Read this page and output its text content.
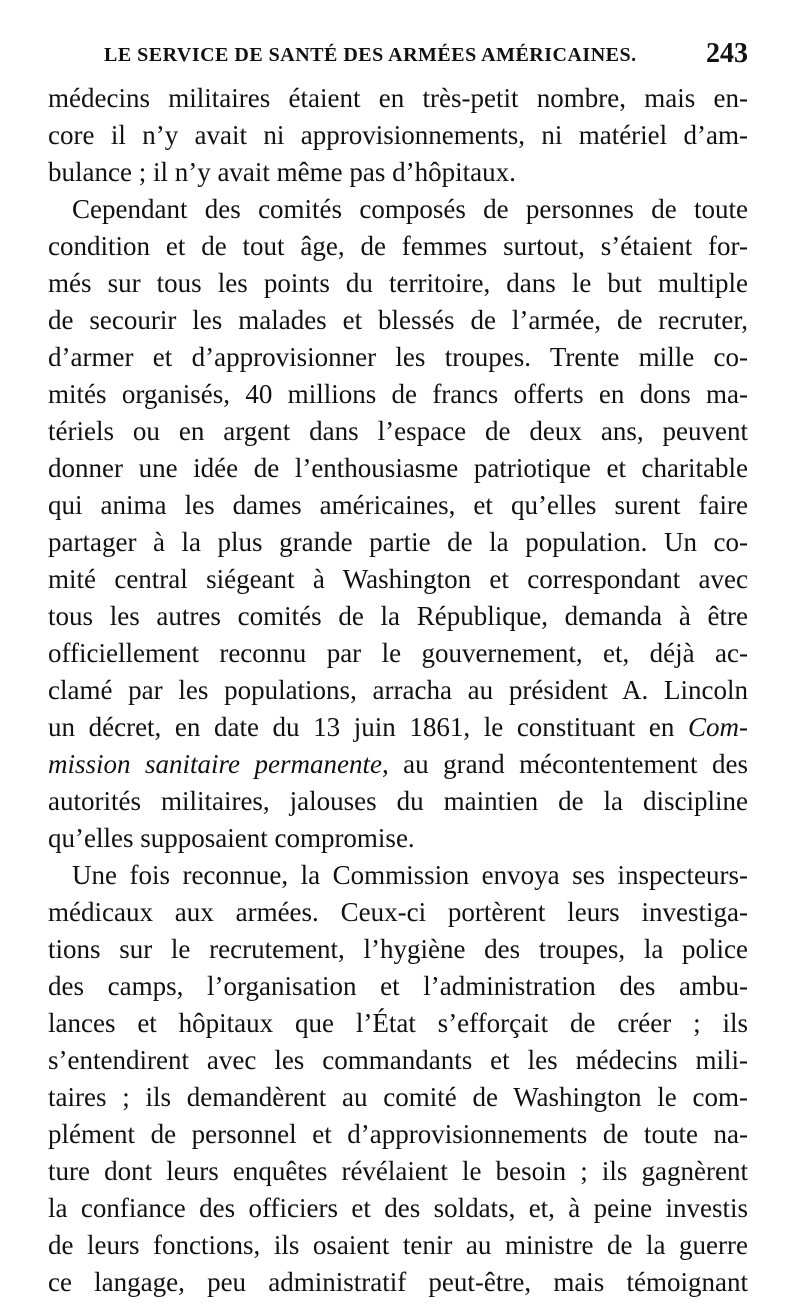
LE SERVICE DE SANTÉ DES ARMÉES AMÉRICAINES. 243
médecins militaires étaient en très-petit nombre, mais en-
core il n’y avait ni approvisionnements, ni matériel d’am-
bulance ; il n’y avait même pas d’hôpitaux.
Cependant des comités composés de personnes de toute
condition et de tout âge, de femmes surtout, s’étaient for-
més sur tous les points du territoire, dans le but multiple
de secourir les malades et blessés de l’armée, de recruter,
d’armer et d’approvisionner les troupes. Trente mille co-
mités organisés, 40 millions de francs offerts en dons ma-
tériels ou en argent dans l’espace de deux ans, peuvent
donner une idée de l’enthousiasme patriotique et charitable
qui anima les dames américaines, et qu’elles surent faire
partager à la plus grande partie de la population. Un co-
mité central siégeant à Washington et correspondant avec
tous les autres comités de la République, demanda à être
officiellement reconnu par le gouvernement, et, déjà ac-
clamé par les populations, arracha au président A. Lincoln
un décret, en date du 13 juin 1861, le constituant en Com-
mission sanitaire permanente, au grand mécontentement des
autorités militaires, jalouses du maintien de la discipline
qu’elles supposaient compromise.
Une fois reconnue, la Commission envoya ses inspecteurs-
médicaux aux armées. Ceux-ci portèrent leurs investiga-
tions sur le recrutement, l’hygiène des troupes, la police
des camps, l’organisation et l’administration des ambu-
lances et hôpitaux que l’État s’efforçait de créer ; ils
s’entendirent avec les commandants et les médecins mili-
taires ; ils demandèrent au comité de Washington le com-
plément de personnel et d’approvisionnements de toute na-
ture dont leurs enquêtes révélaient le besoin ; ils gagnèrent
la confiance des officiers et des soldats, et, à peine investis
de leurs fonctions, ils osaient tenir au ministre de la guerre
ce langage, peu administratif peut-être, mais témoignant
